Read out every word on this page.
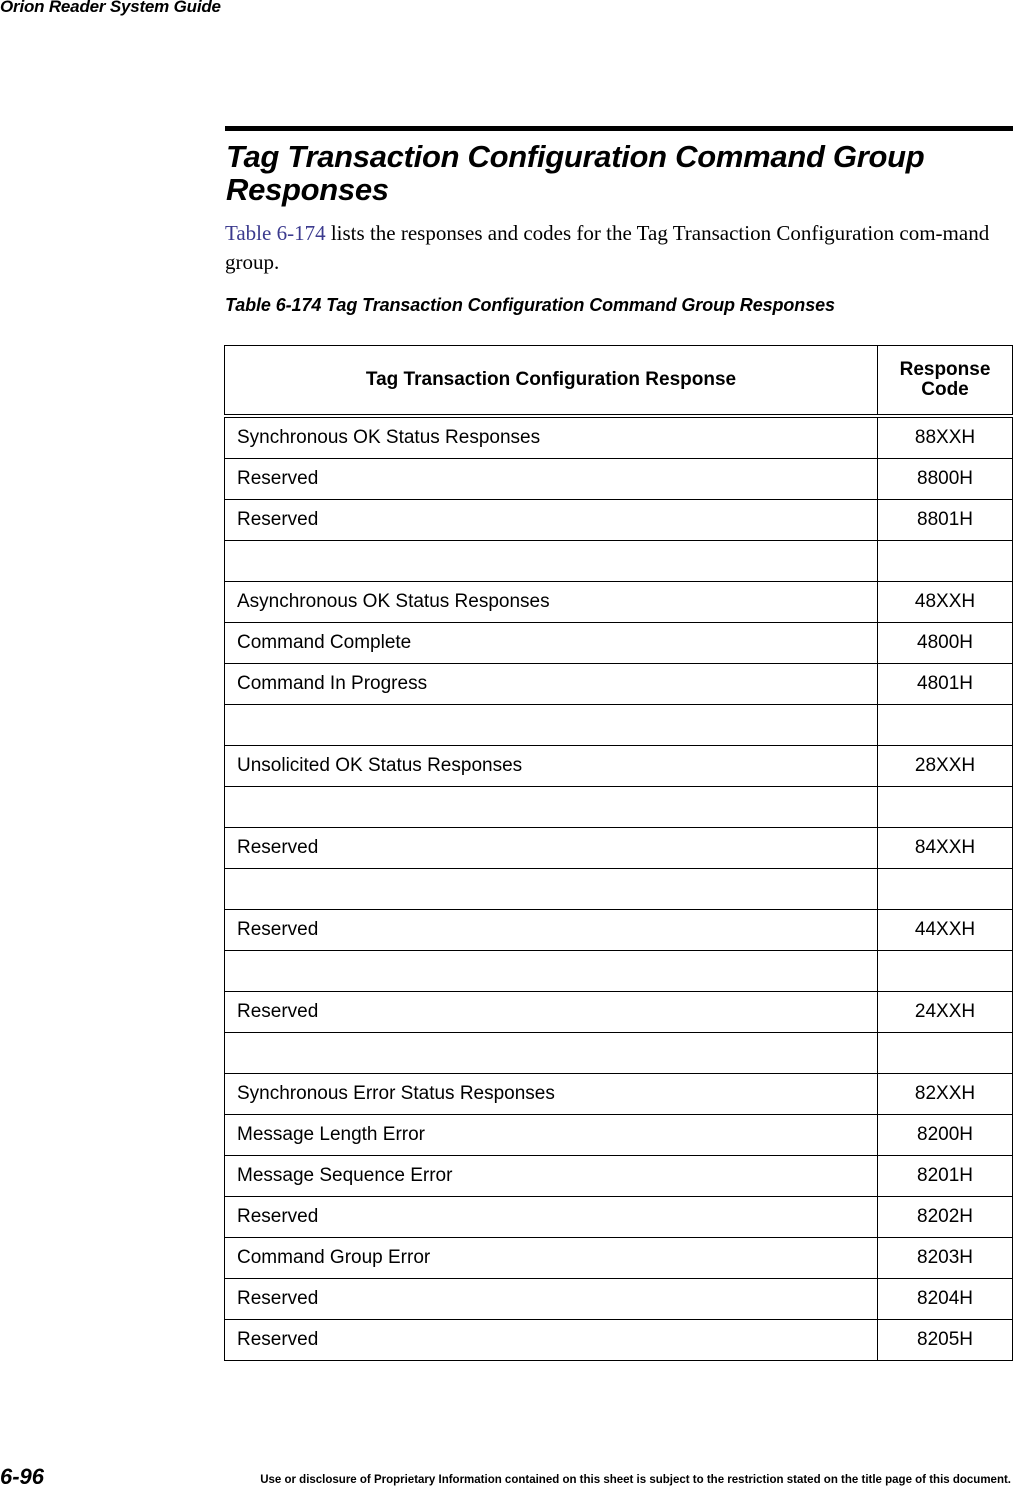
Orion Reader System Guide
Tag Transaction Configuration Command Group Responses

Table 6-174 lists the responses and codes for the Tag Transaction Configuration com-mand group.

Table 6-174 Tag Transaction Configuration Command Group Responses
Tag Transaction Configuration Response	Response Code
Synchronous OK Status Responses	88XXH
Reserved	8800H
Reserved	8801H

Asynchronous OK Status Responses	48XXH
Command Complete	4800H
Command In Progress	4801H

Unsolicited OK Status Responses	28XXH

Reserved	84XXH

Reserved	44XXH

Reserved	24XXH

Synchronous Error Status Responses	82XXH
Message Length Error	8200H
Message Sequence Error	8201H
Reserved	8202H
Command Group Error	8203H
Reserved	8204H
Reserved	8205H
6-96	Use or disclosure of Proprietary Information contained on this sheet is subject to the restriction stated on the title page of this document.
